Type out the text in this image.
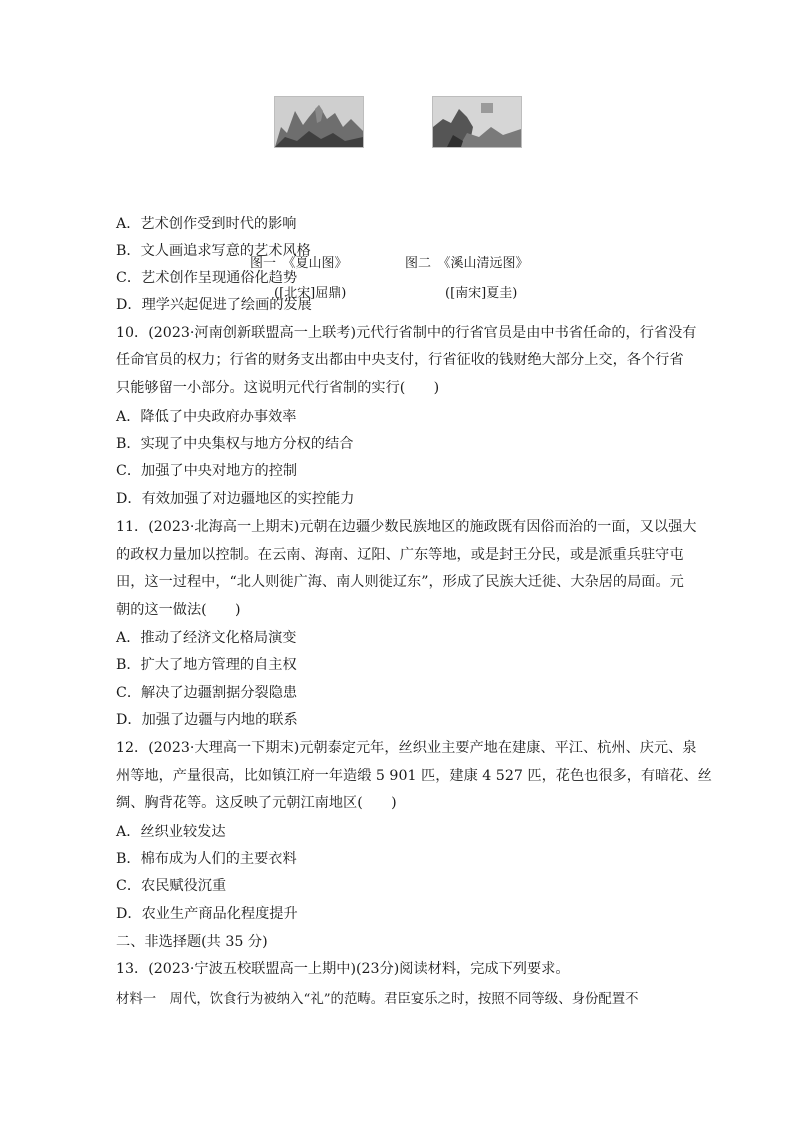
图一　《夏山图》	图二　《溪山清远图》
([北宋]屈鼎)	([南宋]夏圭)
A．艺术创作受到时代的影响
B．文人画追求写意的艺术风格
C．艺术创作呈现通俗化趋势
D．理学兴起促进了绘画的发展
10．(2023·河南创新联盟高一上联考)元代行省制中的行省官员是由中书省任命的，行省没有
任命官员的权力；行省的财务支出都由中央支付，行省征收的钱财绝大部分上交，各个行省
只能够留一小部分。这说明元代行省制的实行(　　)
A．降低了中央政府办事效率
B．实现了中央集权与地方分权的结合
C．加强了中央对地方的控制
D．有效加强了对边疆地区的实控能力
11．(2023·北海高一上期末)元朝在边疆少数民族地区的施政既有因俗而治的一面，又以强大
的政权力量加以控制。在云南、海南、辽阳、广东等地，或是封王分民，或是派重兵驻守屯
田，这一过程中，“北人则徙广海、南人则徙辽东”，形成了民族大迁徙、大杂居的局面。元
朝的这一做法(　　)
A．推动了经济文化格局演变
B．扩大了地方管理的自主权
C．解决了边疆割据分裂隐患
D．加强了边疆与内地的联系
12．(2023·大理高一下期末)元朝泰定元年，丝织业主要产地在建康、平江、杭州、庆元、泉
州等地，产量很高，比如镇江府一年造缎 5 901 匹，建康 4 527 匹，花色也很多，有暗花、丝
绸、胸背花等。这反映了元朝江南地区(　　)
A．丝织业较发达
B．棉布成为人们的主要衣料
C．农民赋役沉重
D．农业生产商品化程度提升
二、非选择题(共 35 分)
13．(2023·宁波五校联盟高一上期中)(23分)阅读材料，完成下列要求。
材料一　周代，饮食行为被纳入“礼”的范畴。君臣宴乐之时，按照不同等级、身份配置不
